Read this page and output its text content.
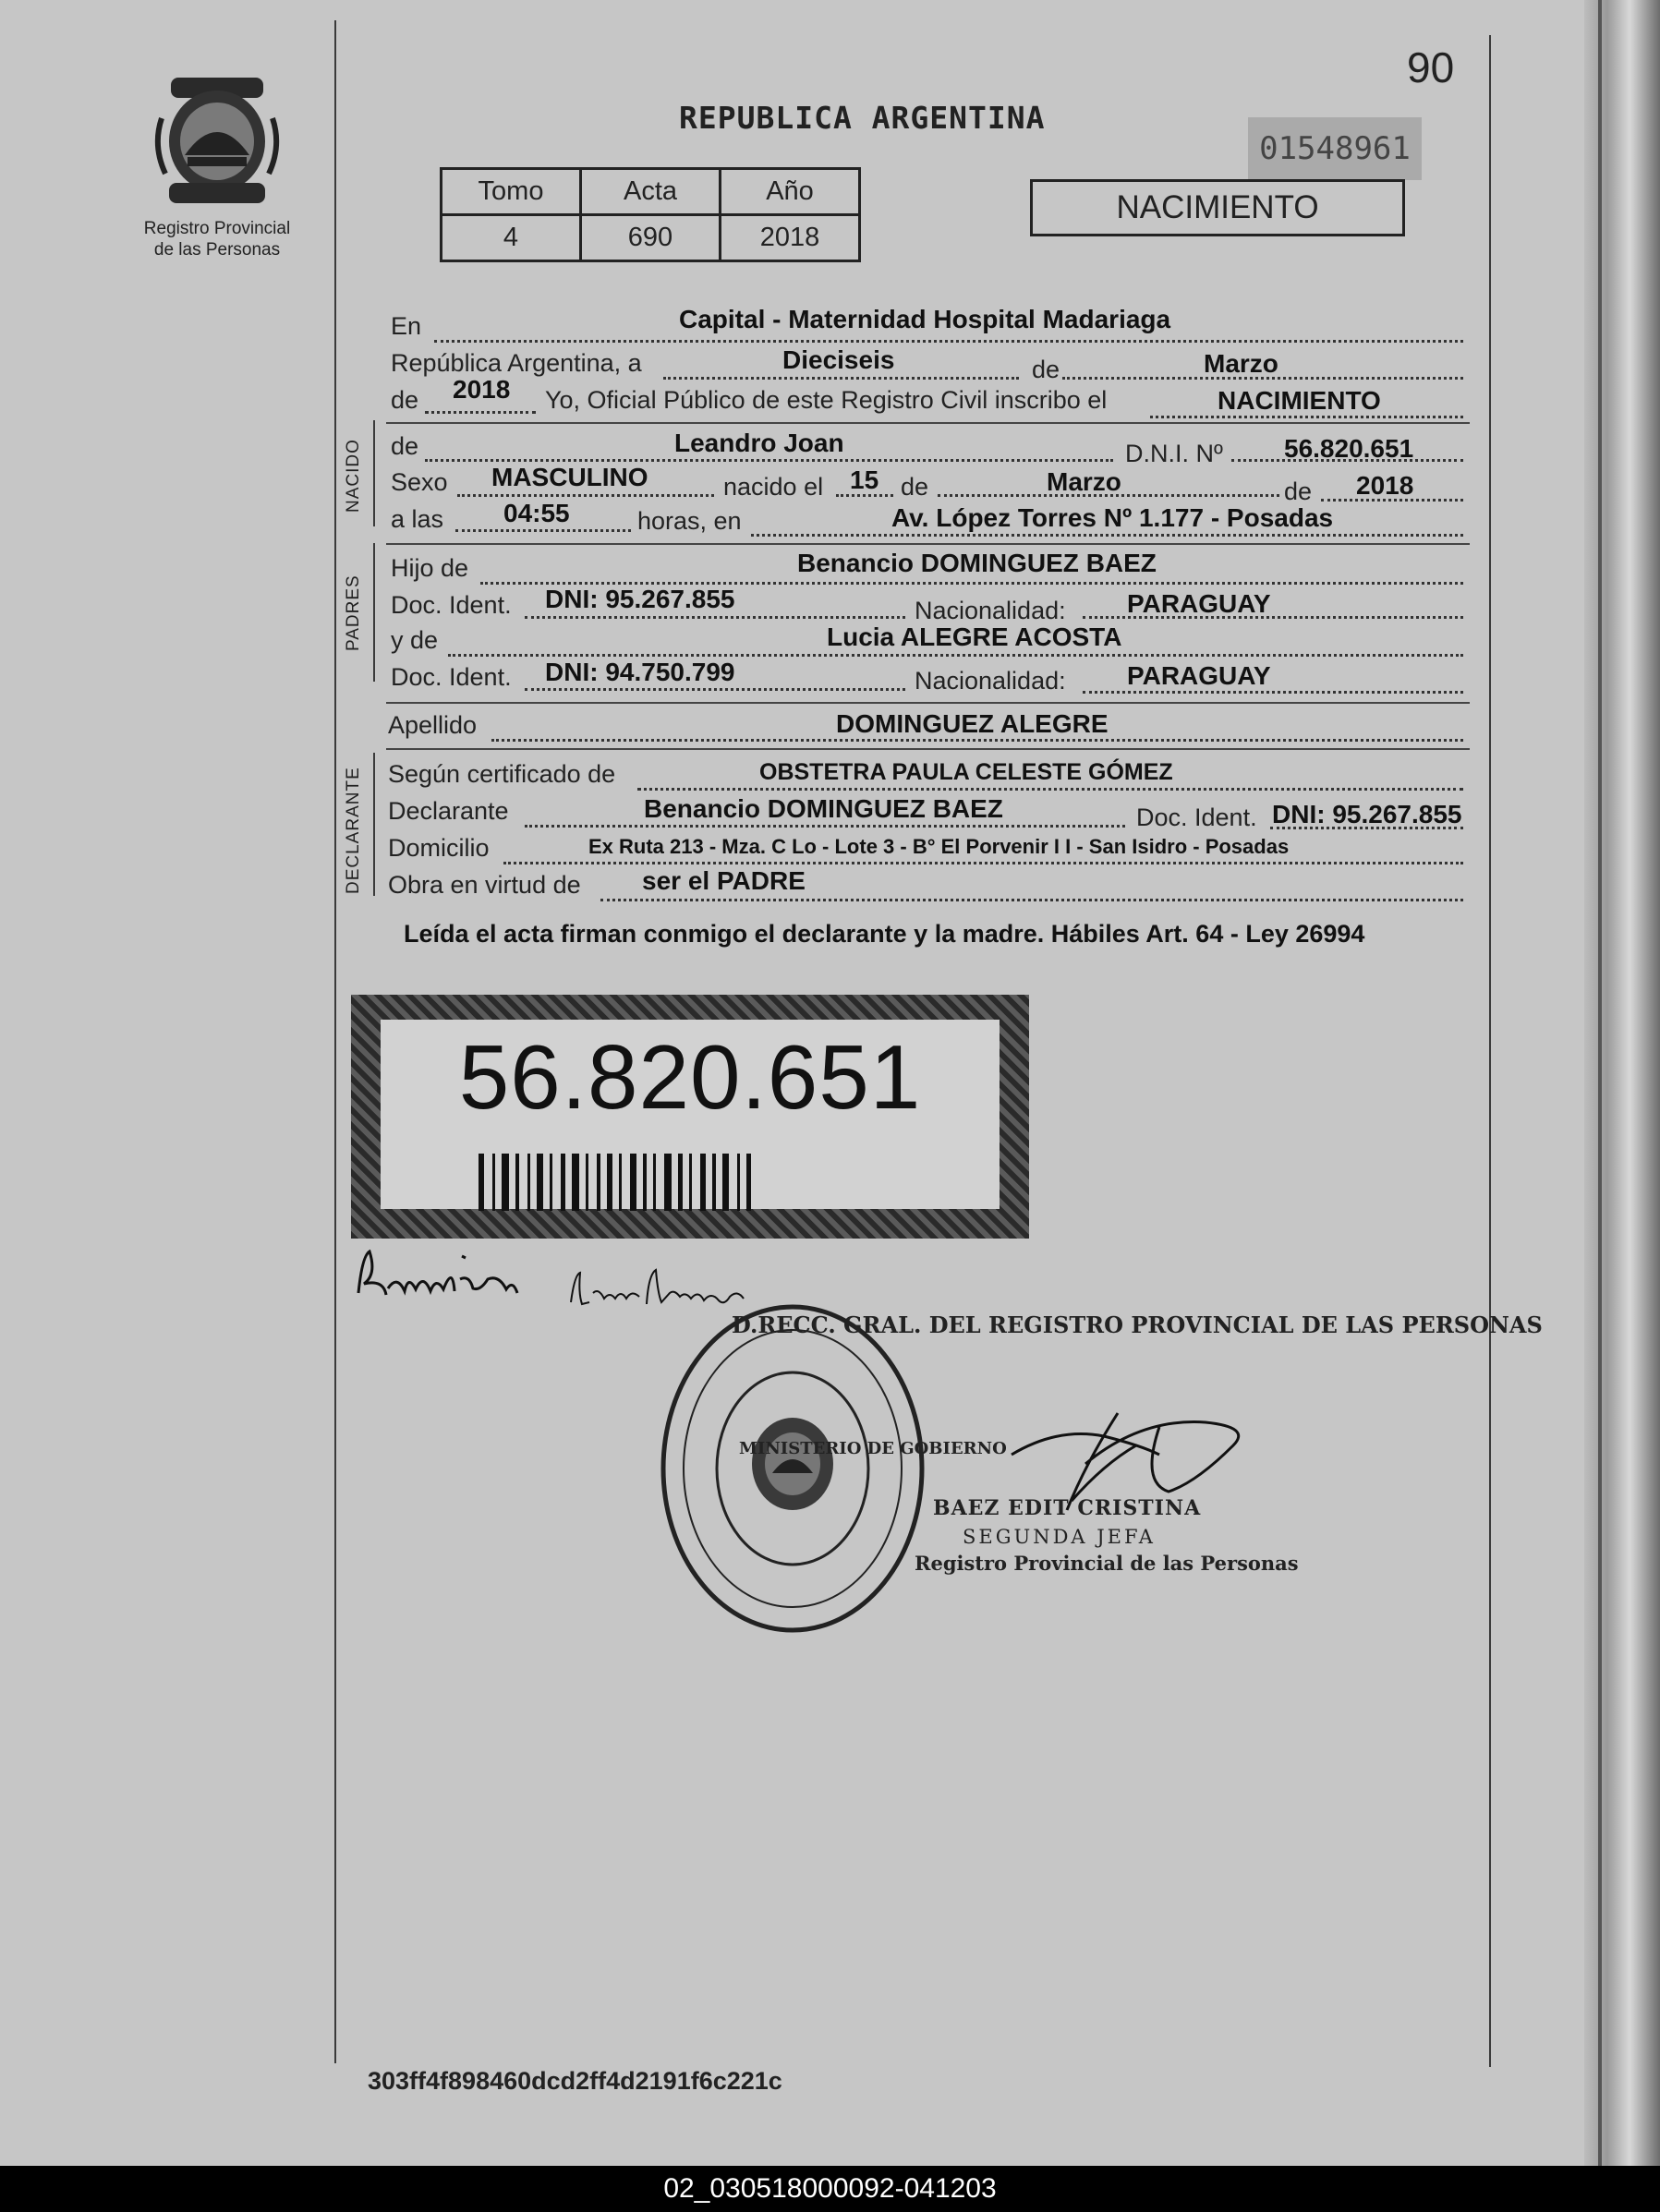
Registro Provincial
de las Personas
90
REPUBLICA ARGENTINA
01548961
Tomo	Acta	Año
4	690	2018
NACIMIENTO
NACIDO
PADRES
DECLARANTE
En	Capital - Maternidad Hospital Madariaga
República Argentina, a	Dieciseis	de	Marzo
de 2018 Yo, Oficial Público de este Registro Civil inscribo el	NACIMIENTO
de	Leandro Joan	D.N.I. Nº 56.820.651
Sexo MASCULINO	nacido el 15 de	Marzo	de 2018
a las 04:55	horas, en	Av. López Torres Nº 1.177 - Posadas
Hijo de	Benancio DOMINGUEZ BAEZ
Doc. Ident. DNI: 95.267.855	Nacionalidad: PARAGUAY
y de	Lucia ALEGRE ACOSTA
Doc. Ident. DNI: 94.750.799	Nacionalidad: PARAGUAY
Apellido	DOMINGUEZ ALEGRE
Según certificado de	OBSTETRA PAULA CELESTE GÓMEZ
Declarante	Benancio DOMINGUEZ BAEZ	Doc. Ident. DNI: 95.267.855
Domicilio	Ex Ruta 213 - Mza. C Lo - Lote 3 - B° El Porvenir I I - San Isidro - Posadas
Obra en virtud de ser el PADRE
Leída el acta firman conmigo el declarante y la madre. Hábiles Art. 64 - Ley 26994
56.820.651
D.RECC. GRAL. DEL REGISTRO PROVINCIAL DE LAS PERSONAS
MINISTERIO DE GOBIERNO
BAEZ EDIT CRISTINA
SEGUNDA JEFA
Registro Provincial de las Personas
303ff4f898460dcd2ff4d2191f6c221c
02_030518000092-041203
